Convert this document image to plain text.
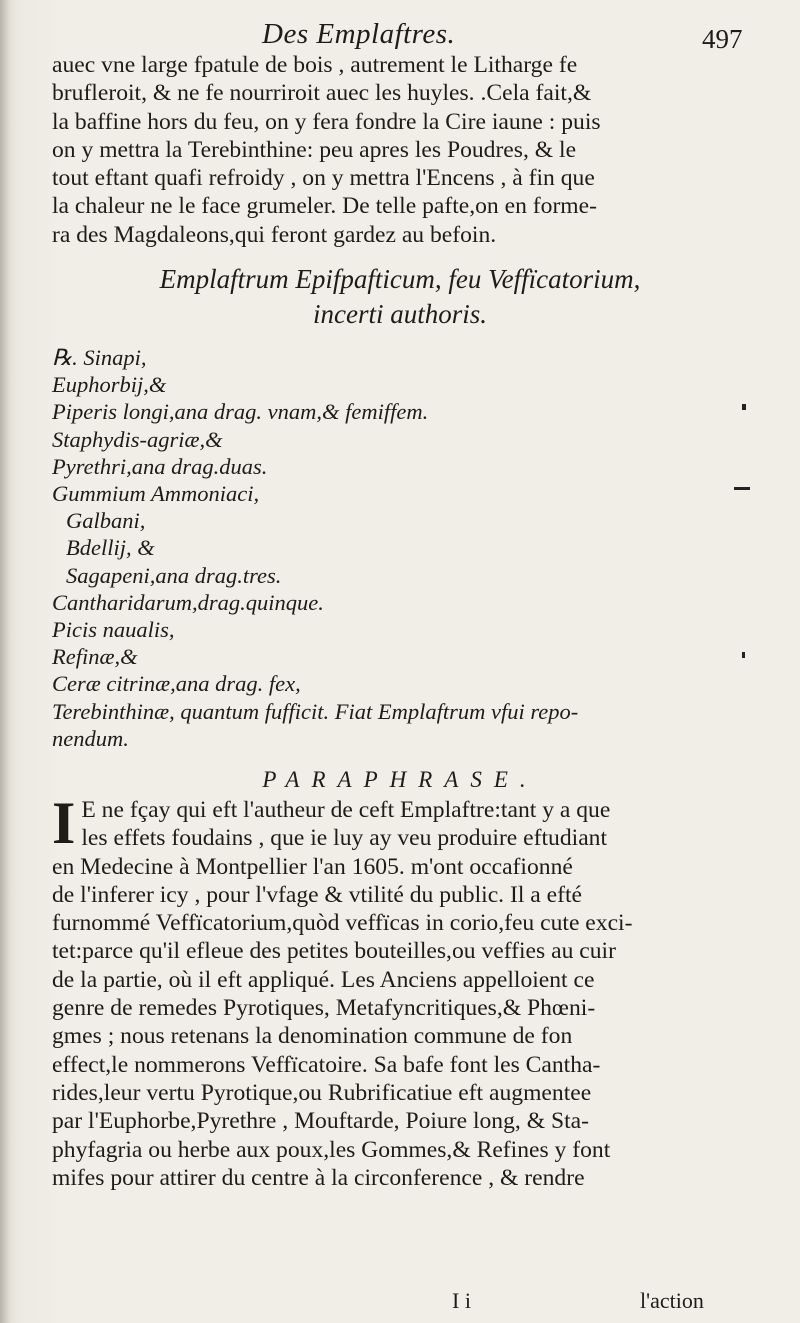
Des Emplaftres.	497
auec vne large fpatule de bois , autrement le Litharge fe
brufleroit, & ne fe nourriroit auec les huyles. .Cela fait,&
la baffine hors du feu, on y fera fondre la Cire iaune : puis
on y mettra la Terebinthine: peu apres les Poudres, & le
tout eftant quafi refroidy , on y mettra l'Encens , à fin que
la chaleur ne le face grumeler. De telle pafte,on en forme-
ra des Magdaleons,qui feront gardez au befoin.
Emplaftrum Epifpafticum, feu Veffïcatorium,
incerti authoris.
℞. Sinapi,
Euphorbij,&
Piperis longi,ana drag. vnam,& femiffem.
Staphydis-agriæ,&
Pyrethri,ana drag.duas.
Gummium Ammoniaci,
Galbani,
Bdellij, &
Sagapeni,ana drag.tres.
Cantharidarum,drag.quinque.
Picis naualis,
Refinæ,&
Ceræ citrinæ,ana drag. fex,
Terebinthinæ, quantum fufficit. Fiat Emplaftrum vfui repo-
nendum.
PARAPHRASE.
I E ne fçay qui eft l'autheur de ceft Emplaftre:tant y a que
les effets foudains , que ie luy ay veu produire eftudiant
en Medecine à Montpellier l'an 1605. m'ont occafionné
de l'inferer icy , pour l'vfage & vtilité du public. Il a efté
furnommé Veffïcatorium,quòd veffïcas in corio,feu cute exci-
tet:parce qu'il efleue des petites bouteilles,ou veffies au cuir
de la partie, où il eft appliqué. Les Anciens appelloient ce
genre de remedes Pyrotiques, Metafyncritiques,& Phœni-
gmes ; nous retenans la denomination commune de fon
effect,le nommerons Veffïcatoire. Sa bafe font les Cantha-
rides,leur vertu Pyrotique,ou Rubrificatiue eft augmentee
par l'Euphorbe,Pyrethre , Mouftarde, Poiure long, & Sta-
phyfagria ou herbe aux poux,les Gommes,& Refines y font
mifes pour attirer du centre à la circonference , & rendre
I i	l'action
